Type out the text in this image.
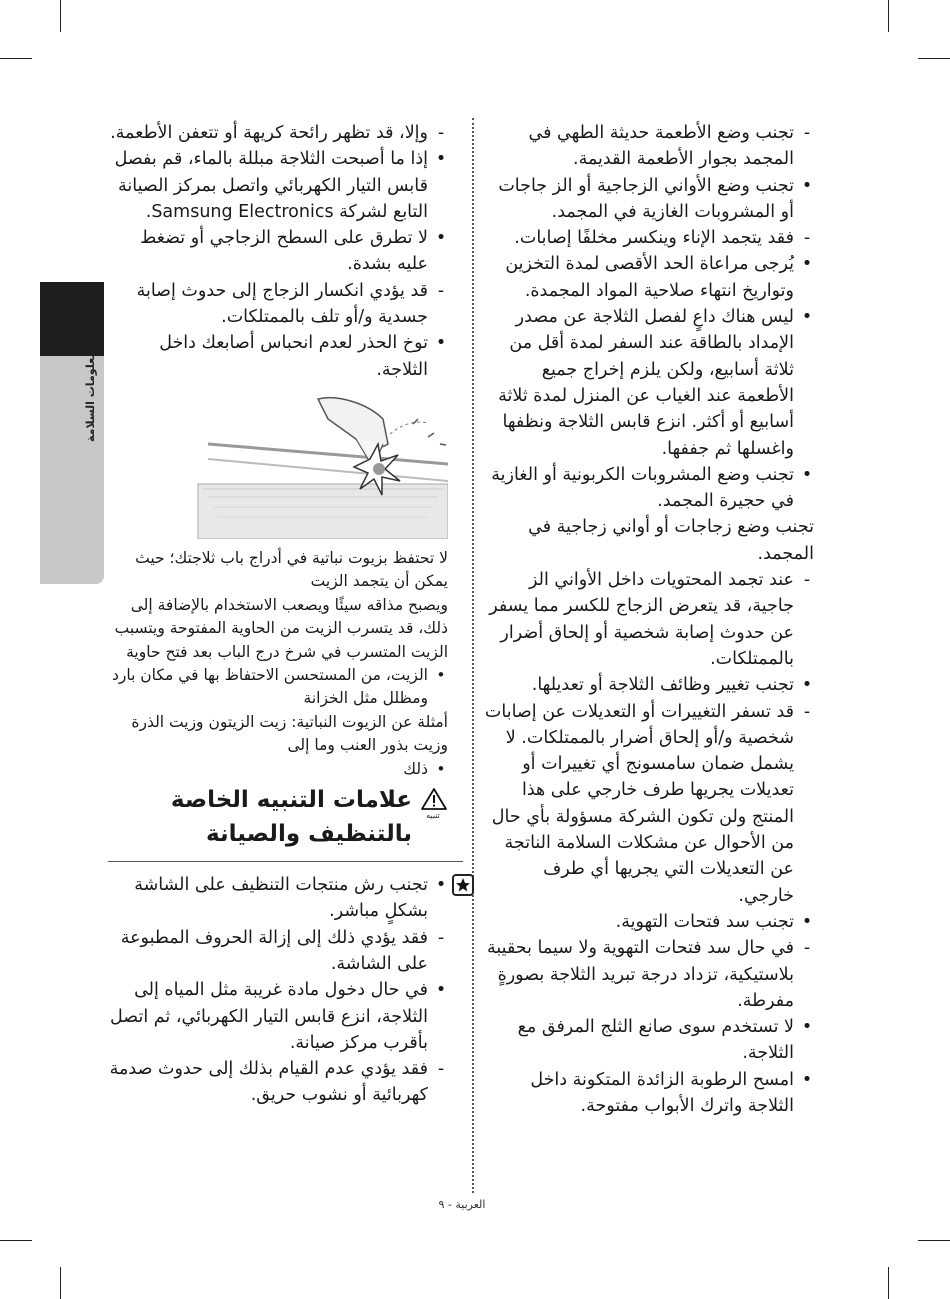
معلومات السلامة

-
تجنب وضع الأطعمة حديثة الطهي في المجمد بجوار الأطعمة القديمة.

•
تجنب وضع الأواني الزجاجية أو الز جاجات أو المشروبات الغازية في المجمد.

-
فقد يتجمد الإناء وينكسر مخلفًا إصابات.

•
يُرجى مراعاة الحد الأقصى لمدة التخزين وتواريخ انتهاء صلاحية المواد المجمدة.

•
ليس هناك داعٍ لفصل الثلاجة عن مصدر الإمداد بالطاقة عند السفر لمدة أقل من ثلاثة أسابيع، ولكن يلزم إخراج جميع الأطعمة عند الغياب عن المنزل لمدة ثلاثة أسابيع أو أكثر. انزع قابس الثلاجة ونظفها واغسلها ثم جففها.

•
تجنب وضع المشروبات الكربونية أو الغازية في حجيرة المجمد.

تجنب وضع زجاجات أو أواني زجاجية في المجمد.

-
عند تجمد المحتويات داخل الأواني الز جاجية، قد يتعرض الزجاج للكسر مما يسفر عن حدوث إصابة شخصية أو إلحاق أضرار بالممتلكات.

•
تجنب تغيير وظائف الثلاجة أو تعديلها.

-
قد تسفر التغييرات أو التعديلات عن إصابات شخصية و/أو إلحاق أضرار بالممتلكات. لا يشمل ضمان سامسونج أي تغييرات أو تعديلات يجريها طرف خارجي على هذا المنتج ولن تكون الشركة مسؤولة بأي حال من الأحوال عن مشكلات السلامة الناتجة عن التعديلات التي يجريها أي طرف خارجي.

•
تجنب سد فتحات التهوية.

-
في حال سد فتحات التهوية ولا سيما بحقيبة بلاستيكية، تزداد درجة تبريد الثلاجة بصورةٍ مفرطة.

•
لا تستخدم سوى صانع الثلج المرفق مع الثلاجة.

•
امسح الرطوبة الزائدة المتكونة داخل الثلاجة واترك الأبواب مفتوحة.

-
وإلا، قد تظهر رائحة كريهة أو تتعفن الأطعمة.

•
إذا ما أصبحت الثلاجة مبللة بالماء، قم بفصل قابس التيار الكهربائي واتصل بمركز الصيانة التابع لشركة Samsung Electronics.

•
لا تطرق على السطح الزجاجي أو تضغط عليه بشدة.

-
قد يؤدي انكسار الزجاج إلى حدوث إصابة جسدية و/أو تلف بالممتلكات.

•
توخ الحذر لعدم انحباس أصابعك داخل الثلاجة.

لا تحتفظ بزيوت نباتية في أدراج باب ثلاجتك؛ حيث يمكن أن يتجمد الزيت

ويصبح مذاقه سيئًا ويصعب الاستخدام بالإضافة إلى ذلك، قد يتسرب الزيت من الحاوية المفتوحة ويتسبب الزيت المتسرب في شرخ درج الباب بعد فتح حاوية

•
الزيت، من المستحسن الاحتفاظ بها في مكان بارد ومظلل مثل الخزانة

أمثلة عن الزيوت النباتية: زيت الزيتون وزيت الذرة وزيت بذور العنب وما إلى

•
ذلك

تنبيه
علامات التنبيه الخاصة
بالتنظيف والصيانة

•
تجنب رش منتجات التنظيف على الشاشة بشكلٍ مباشر.

-
فقد يؤدي ذلك إلى إزالة الحروف المطبوعة على الشاشة.

•
في حال دخول مادة غريبة مثل المياه إلى الثلاجة، انزع قابس التيار الكهربائي، ثم اتصل بأقرب مركز صيانة.

-
فقد يؤدي عدم القيام بذلك إلى حدوث صدمة كهربائية أو نشوب حريق.

العربية - ٩
